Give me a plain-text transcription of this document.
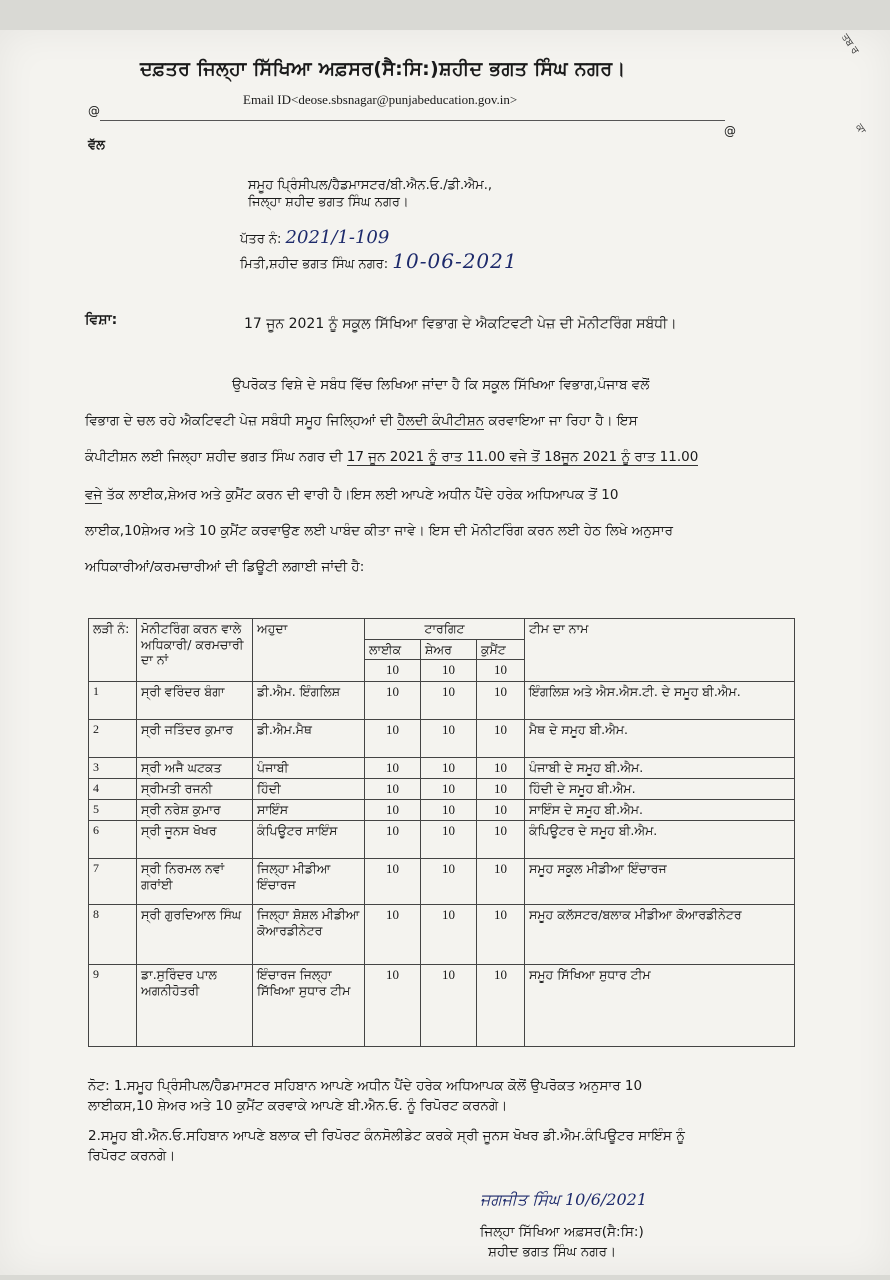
ਤਬ ਰ
ਕਾ
ਦਫ਼ਤਰ ਜਿਲ੍ਹਾ ਸਿੱਖਿਆ ਅਫ਼ਸਰ(ਸੈ:ਸਿ:)ਸ਼ਹੀਦ ਭਗਤ ਸਿੰਘ ਨਗਰ।
Email ID<deose.sbsnagar@punjabeducation.gov.in>
@
@
ਵੱਲ
ਸਮੂਹ ਪ੍ਰਿੰਸੀਪਲ/ਹੈਡਮਾਸਟਰ/ਬੀ.ਐਨ.ਓ./ਡੀ.ਐਮ.,
ਜਿਲ੍ਹਾ ਸ਼ਹੀਦ ਭਗਤ ਸਿੰਘ ਨਗਰ।
ਪੱਤਰ ਨੰ: 2021/1-109
ਮਿਤੀ,ਸ਼ਹੀਦ ਭਗਤ ਸਿੰਘ ਨਗਰ: 10-06-2021
ਵਿਸ਼ਾ:	17 ਜੂਨ 2021 ਨੂੰ ਸਕੂਲ ਸਿੱਖਿਆ ਵਿਭਾਗ ਦੇ ਐਕਟਿਵਟੀ ਪੇਜ਼ ਦੀ ਮੋਨੀਟਰਿੰਗ ਸਬੰਧੀ।
ਉਪਰੋਕਤ ਵਿਸ਼ੇ ਦੇ ਸਬੰਧ ਵਿੱਚ ਲਿਖਿਆ ਜਾਂਦਾ ਹੈ ਕਿ ਸਕੂਲ ਸਿੱਖਿਆ ਵਿਭਾਗ,ਪੰਜਾਬ ਵਲੋਂ
ਵਿਭਾਗ ਦੇ ਚਲ ਰਹੇ ਐਕਟਿਵਟੀ ਪੇਜ਼ ਸਬੰਧੀ ਸਮੂਹ ਜਿਲ੍ਹਿਆਂ ਦੀ ਹੈਲਦੀ ਕੰਪੀਟੀਸ਼ਨ ਕਰਵਾਇਆ ਜਾ ਰਿਹਾ ਹੈ। ਇਸ
ਕੰਪੀਟੀਸ਼ਨ ਲਈ ਜਿਲ੍ਹਾ ਸ਼ਹੀਦ ਭਗਤ ਸਿੰਘ ਨਗਰ ਦੀ 17 ਜੂਨ 2021 ਨੂੰ ਰਾਤ 11.00 ਵਜੇ ਤੋਂ 18ਜੂਨ 2021 ਨੂੰ ਰਾਤ 11.00
ਵਜੇ ਤੱਕ ਲਾਈਕ,ਸ਼ੇਅਰ ਅਤੇ ਕੁਮੈਂਟ ਕਰਨ ਦੀ ਵਾਰੀ ਹੈ।ਇਸ ਲਈ ਆਪਣੇ ਅਧੀਨ ਪੈਂਦੇ ਹਰੇਕ ਅਧਿਆਪਕ ਤੋਂ 10
ਲਾਈਕ,10ਸ਼ੇਅਰ ਅਤੇ 10 ਕੁਮੈਂਟ ਕਰਵਾਉਣ ਲਈ ਪਾਬੰਦ ਕੀਤਾ ਜਾਵੇ। ਇਸ ਦੀ ਮੋਨੀਟਰਿੰਗ ਕਰਨ ਲਈ ਹੇਠ ਲਿਖੇ ਅਨੁਸਾਰ
ਅਧਿਕਾਰੀਆਂ/ਕਰਮਚਾਰੀਆਂ ਦੀ ਡਿਊਟੀ ਲਗਾਈ ਜਾਂਦੀ ਹੈ:
ਲੜੀ ਨੰ:	ਮੋਨੀਟਰਿੰਗ ਕਰਨ ਵਾਲੇ ਅਧਿਕਾਰੀ/ ਕਰਮਚਾਰੀ ਦਾ ਨਾਂ	ਅਹੁਦਾ	ਟਾਰਗਿਟ			ਟੀਮ ਦਾ ਨਾਮ
			ਲਾਈਕ	ਸ਼ੇਅਰ	ਕੁਮੈਂਟ	
			10	10	10	
1	ਸ੍ਰੀ ਵਰਿੰਦਰ ਬੰਗਾ	ਡੀ.ਐਮ. ਇੰਗਲਿਸ਼	10	10	10	ਇੰਗਲਿਸ਼ ਅਤੇ ਐਸ.ਐਸ.ਟੀ. ਦੇ ਸਮੂਹ ਬੀ.ਐਮ.
2	ਸ੍ਰੀ ਜਤਿੰਦਰ ਕੁਮਾਰ	ਡੀ.ਐਮ.ਮੈਥ	10	10	10	ਮੈਥ ਦੇ ਸਮੂਹ ਬੀ.ਐਮ.
3	ਸ੍ਰੀ ਅਜੈ ਘਟਕਤ	ਪੰਜਾਬੀ	10	10	10	ਪੰਜਾਬੀ ਦੇ ਸਮੂਹ ਬੀ.ਐਮ.
4	ਸ੍ਰੀਮਤੀ ਰਜਨੀ	ਹਿੰਦੀ	10	10	10	ਹਿੰਦੀ ਦੇ ਸਮੂਹ ਬੀ.ਐਮ.
5	ਸ੍ਰੀ ਨਰੇਸ਼ ਕੁਮਾਰ	ਸਾਇੰਸ	10	10	10	ਸਾਇੰਸ ਦੇ ਸਮੂਹ ਬੀ.ਐਮ.
6	ਸ੍ਰੀ ਜੂਨਸ ਖੋਖਰ	ਕੰਪਿਊਟਰ ਸਾਇੰਸ	10	10	10	ਕੰਪਿਊਟਰ ਦੇ ਸਮੂਹ ਬੀ.ਐਮ.
7	ਸ੍ਰੀ ਨਿਰਮਲ ਨਵਾਂ ਗਰਾਂਈ	ਜਿਲ੍ਹਾ ਮੀਡੀਆ ਇੰਚਾਰਜ	10	10	10	ਸਮੂਹ ਸਕੂਲ ਮੀਡੀਆ ਇੰਚਾਰਜ
8	ਸ੍ਰੀ ਗੁਰਦਿਆਲ ਸਿੰਘ	ਜਿਲ੍ਹਾ ਸ਼ੋਸ਼ਲ ਮੀਡੀਆ ਕੋਆਰਡੀਨੇਟਰ	10	10	10	ਸਮੂਹ ਕਲੱਸਟਰ/ਬਲਾਕ ਮੀਡੀਆ ਕੋਆਰਡੀਨੇਟਰ
9	ਡਾ.ਸੁਰਿੰਦਰ ਪਾਲ ਅਗਨੀਹੋਤਰੀ	ਇੰਚਾਰਜ ਜਿਲ੍ਹਾ ਸਿੱਖਿਆ ਸੁਧਾਰ ਟੀਮ	10	10	10	ਸਮੂਹ ਸਿੱਖਿਆ ਸੁਧਾਰ ਟੀਮ
ਨੋਟ: 1.ਸਮੂਹ ਪ੍ਰਿੰਸੀਪਲ/ਹੈਡਮਾਸਟਰ ਸਹਿਬਾਨ ਆਪਣੇ ਅਧੀਨ ਪੈਂਦੇ ਹਰੇਕ ਅਧਿਆਪਕ ਕੋਲੋਂ ਉਪਰੋਕਤ ਅਨੁਸਾਰ 10
ਲਾਈਕਸ,10 ਸ਼ੇਅਰ ਅਤੇ 10 ਕੁਮੈਂਟ ਕਰਵਾਕੇ ਆਪਣੇ ਬੀ.ਐਨ.ਓ. ਨੂੰ ਰਿਪੋਰਟ ਕਰਨਗੇ।
2.ਸਮੂਹ ਬੀ.ਐਨ.ਓ.ਸਹਿਬਾਨ ਆਪਣੇ ਬਲਾਕ ਦੀ ਰਿਪੋਰਟ ਕੰਨਸੋਲੀਡੇਟ ਕਰਕੇ ਸ੍ਰੀ ਜੂਨਸ ਖੋਖਰ ਡੀ.ਐਮ.ਕੰਪਿਊਟਰ ਸਾਇੰਸ ਨੂੰ
ਰਿਪੋਰਟ ਕਰਨਗੇ।
ਜਗਜੀਤ ਸਿੰਘ 10/6/2021
ਜਿਲ੍ਹਾ ਸਿੱਖਿਆ ਅਫ਼ਸਰ(ਸੈ:ਸਿ:)
ਸ਼ਹੀਦ ਭਗਤ ਸਿੰਘ ਨਗਰ।
